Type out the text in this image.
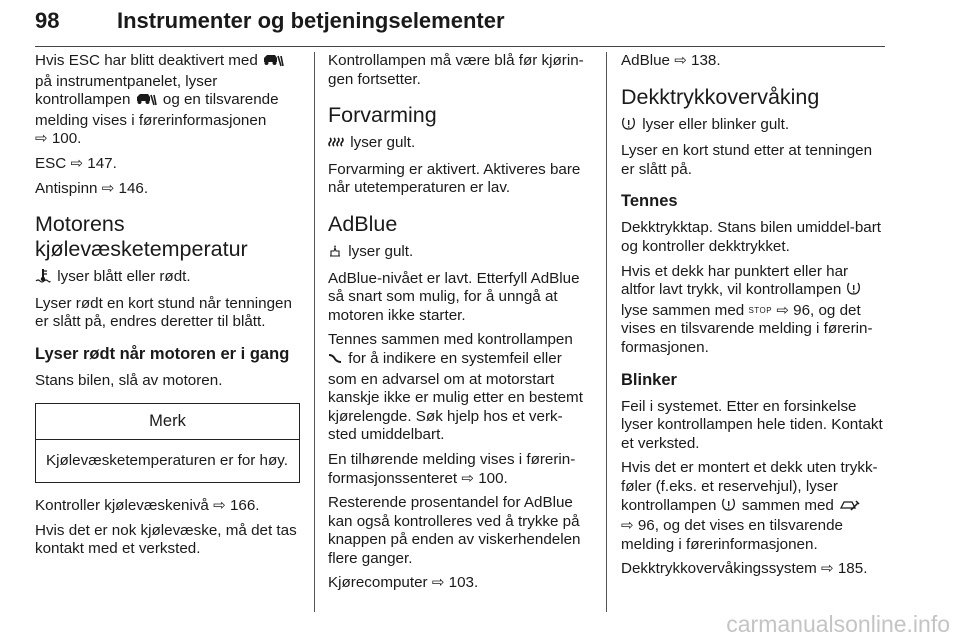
98	Instrumenter og betjeningselementer

Hvis ESC har blitt deaktivert med  på instrumentpanelet, lyser kontrollampen og en tilsvarende melding vises i førerinformasjonen
⇨ 100.

ESC ⇨ 147.

Antispinn ⇨ 146.

Motorens kjølevæsketemperatur

lyser blått eller rødt.

Lyser rødt en kort stund når tenningen er slått på, endres deretter til blått.

Lyser rødt når motoren er i gang

Stans bilen, slå av motoren.

Merk

Kjølevæsketemperaturen er for høy.

Kontroller kjølevæskenivå ⇨ 166.

Hvis det er nok kjølevæske, må det tas kontakt med et verksted.

Kontrollampen må være blå før kjørin-gen fortsetter.

Forvarming

lyser gult.

Forvarming er aktivert. Aktiveres bare når utetemperaturen er lav.

AdBlue

lyser gult.

AdBlue-nivået er lavt. Etterfyll AdBlue så snart som mulig, for å unngå at motoren ikke starter.

Tennes sammen med kontrollampen
for å indikere en systemfeil eller som en advarsel om at motorstart kanskje ikke er mulig etter en bestemt kjørelengde. Søk hjelp hos et verk-sted umiddelbart.

En tilhørende melding vises i førerin-formasjonssenteret ⇨ 100.

Resterende prosentandel for AdBlue kan også kontrolleres ved å trykke på knappen på enden av viskerhendelen flere ganger.

Kjørecomputer ⇨ 103.

AdBlue ⇨ 138.

Dekktrykkovervåking

lyser eller blinker gult.

Lyser en kort stund etter at tenningen er slått på.

Tennes

Dekktrykktap. Stans bilen umiddel-bart og kontroller dekktrykket.

Hvis et dekk har punktert eller har altfor lavt trykk, vil kontrollampen  lyse sammen med STOP ⇨ 96, og det vises en tilsvarende melding i førerin-formasjonen.

Blinker

Feil i systemet. Etter en forsinkelse lyser kontrollampen hele tiden. Kontakt et verksted.

Hvis det er montert et dekk uten trykk-føler (f.eks. et reservehjul), lyser kontrollampen sammen med
⇨ 96, og det vises en tilsvarende melding i førerinformasjonen.

Dekktrykkovervåkingssystem ⇨ 185.

carmanualsonline.info
